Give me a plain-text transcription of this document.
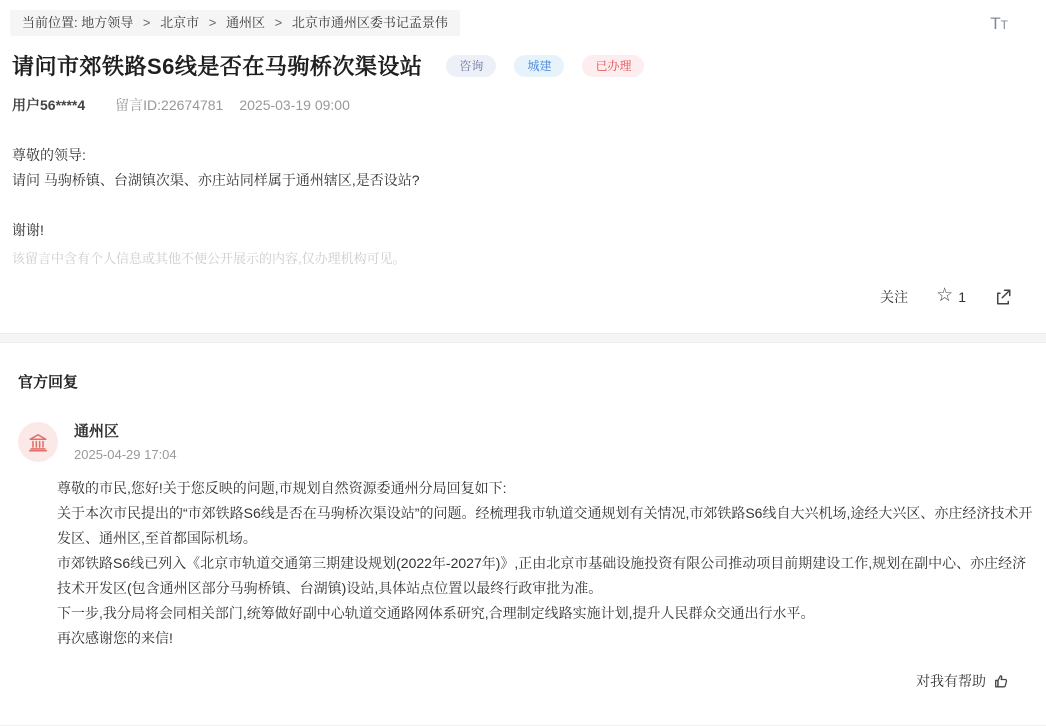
当前位置: 地方领导 > 北京市 > 通州区 > 北京市通州区委书记孟景伟	TT
请问市郊铁路S6线是否在马驹桥次渠设站	咨询	城建	已办理
用户56****4 留言ID:22674781 2025-03-19 09:00

尊敬的领导:

请问 马驹桥镇、台湖镇次渠、亦庄站同样属于通州辖区,是否设站?

谢谢!

该留言中含有个人信息或其他不便公开展示的内容,仅办理机构可见。
关注 ☆ 1
官方回复
通州区
2025-04-29 17:04

尊敬的市民,您好!关于您反映的问题,市规划自然资源委通州分局回复如下:

关于本次市民提出的“市郊铁路S6线是否在马驹桥次渠设站”的问题。经梳理我市轨道交通规划有关情况,市郊铁路S6线自大兴机场,途经大兴区、亦庄经济技术开发区、通州区,至首都国际机场。

市郊铁路S6线已列入《北京市轨道交通第三期建设规划(2022年-2027年)》,正由北京市基础设施投资有限公司推动项目前期建设工作,规划在副中心、亦庄经济技术开发区(包含通州区部分马驹桥镇、台湖镇)设站,具体站点位置以最终行政审批为准。

下一步,我分局将会同相关部门,统筹做好副中心轨道交通路网体系研究,合理制定线路实施计划,提升人民群众交通出行水平。

再次感谢您的来信!

对我有帮助
